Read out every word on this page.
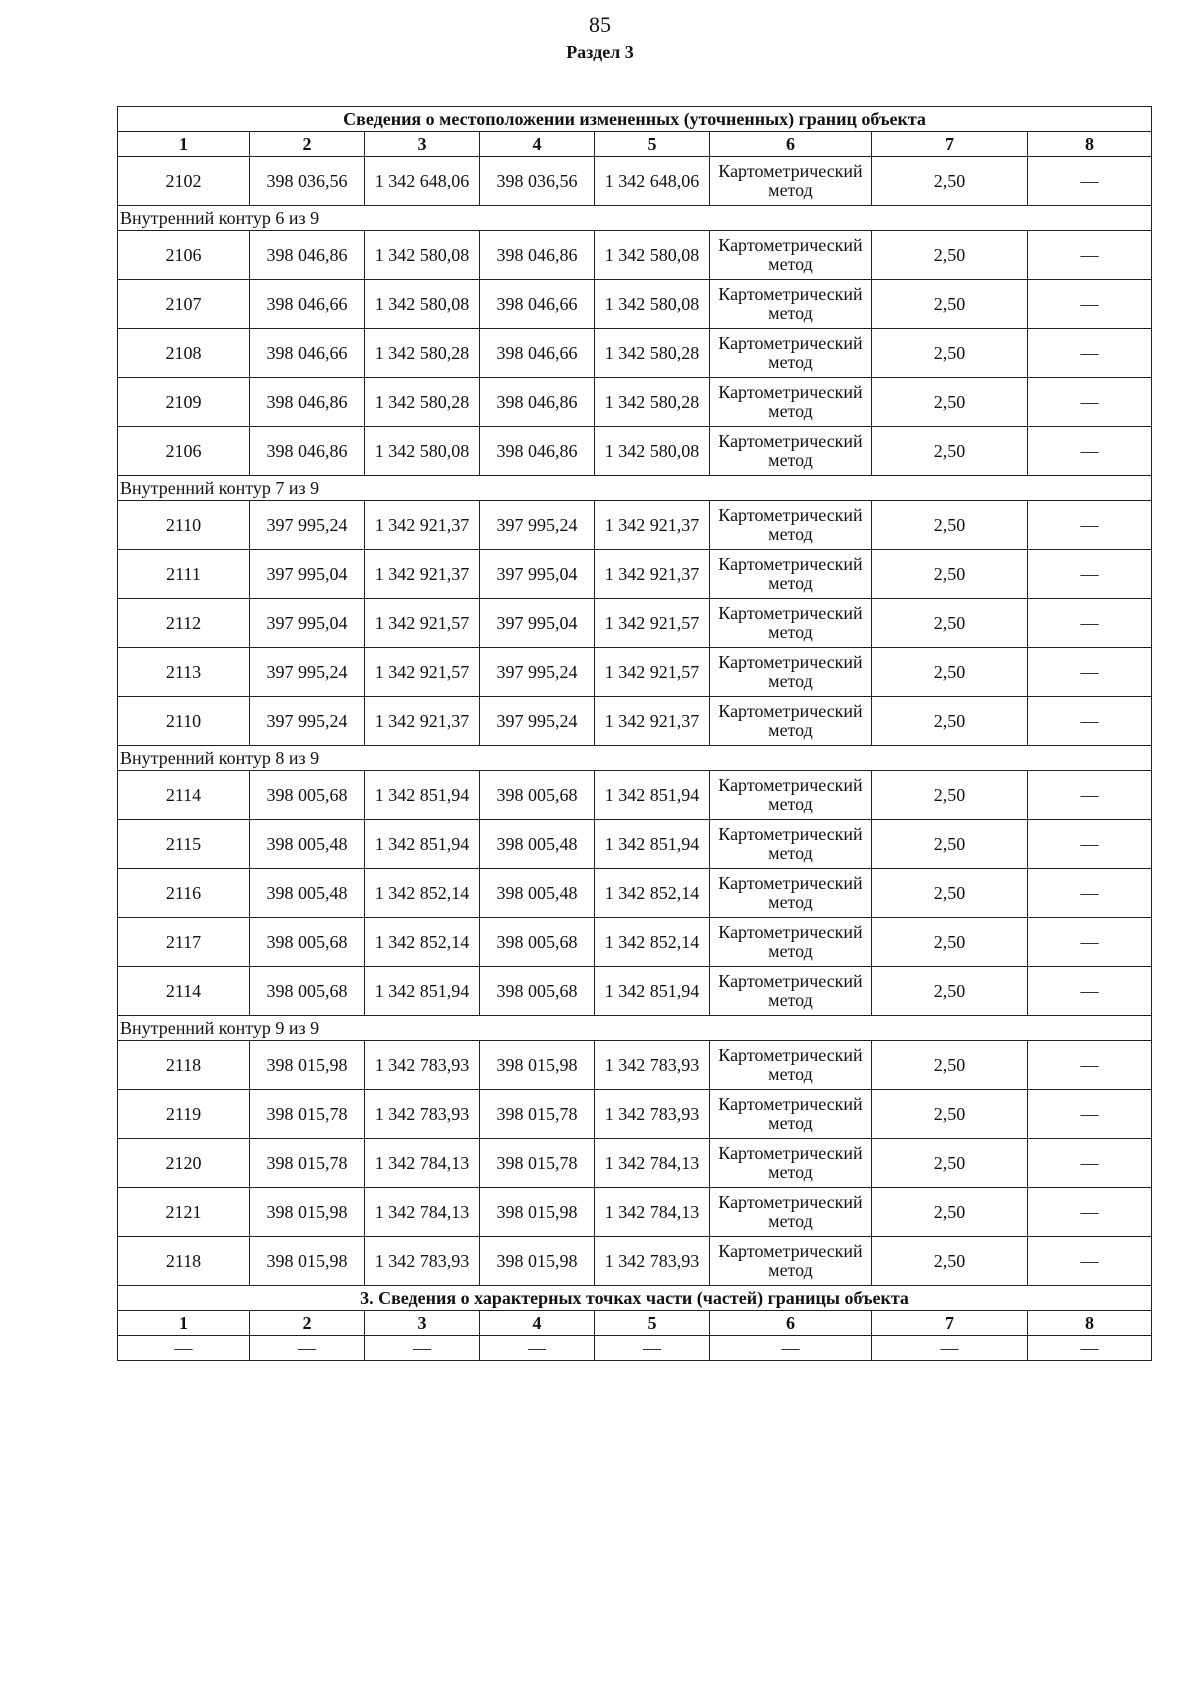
85
Раздел 3
Сведения о местоположении измененных (уточненных) границ объекта							
1	2	3	4	5	6	7	8
2102	398 036,56	1 342 648,06	398 036,56	1 342 648,06	Картометрический метод	2,50	—
Внутренний контур 6 из 9							
2106	398 046,86	1 342 580,08	398 046,86	1 342 580,08	Картометрический метод	2,50	—
2107	398 046,66	1 342 580,08	398 046,66	1 342 580,08	Картометрический метод	2,50	—
2108	398 046,66	1 342 580,28	398 046,66	1 342 580,28	Картометрический метод	2,50	—
2109	398 046,86	1 342 580,28	398 046,86	1 342 580,28	Картометрический метод	2,50	—
2106	398 046,86	1 342 580,08	398 046,86	1 342 580,08	Картометрический метод	2,50	—
Внутренний контур 7 из 9							
2110	397 995,24	1 342 921,37	397 995,24	1 342 921,37	Картометрический метод	2,50	—
2111	397 995,04	1 342 921,37	397 995,04	1 342 921,37	Картометрический метод	2,50	—
2112	397 995,04	1 342 921,57	397 995,04	1 342 921,57	Картометрический метод	2,50	—
2113	397 995,24	1 342 921,57	397 995,24	1 342 921,57	Картометрический метод	2,50	—
2110	397 995,24	1 342 921,37	397 995,24	1 342 921,37	Картометрический метод	2,50	—
Внутренний контур 8 из 9							
2114	398 005,68	1 342 851,94	398 005,68	1 342 851,94	Картометрический метод	2,50	—
2115	398 005,48	1 342 851,94	398 005,48	1 342 851,94	Картометрический метод	2,50	—
2116	398 005,48	1 342 852,14	398 005,48	1 342 852,14	Картометрический метод	2,50	—
2117	398 005,68	1 342 852,14	398 005,68	1 342 852,14	Картометрический метод	2,50	—
2114	398 005,68	1 342 851,94	398 005,68	1 342 851,94	Картометрический метод	2,50	—
Внутренний контур 9 из 9							
2118	398 015,98	1 342 783,93	398 015,98	1 342 783,93	Картометрический метод	2,50	—
2119	398 015,78	1 342 783,93	398 015,78	1 342 783,93	Картометрический метод	2,50	—
2120	398 015,78	1 342 784,13	398 015,78	1 342 784,13	Картометрический метод	2,50	—
2121	398 015,98	1 342 784,13	398 015,98	1 342 784,13	Картометрический метод	2,50	—
2118	398 015,98	1 342 783,93	398 015,98	1 342 783,93	Картометрический метод	2,50	—
3. Сведения о характерных точках части (частей) границы объекта							
1	2	3	4	5	6	7	8
—	—	—	—	—	—	—	—
